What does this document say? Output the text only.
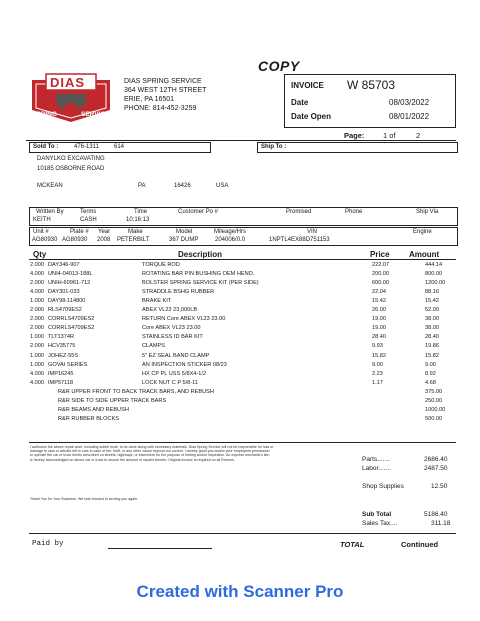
DIAS
SPRING	SERVICE
DIAS SPRING SERVICE
364 WEST 12TH STREET
ERIE, PA 16501
PHONE: 814-452-3259
COPY
INVOICE W 85703
Date	08/03/2022
Date Open	08/01/2022
Page: 1 of	2
Sold To :	476-1311	614	Ship To :
DANYLKO EXCAVATING
10185 OSBORNE ROAD
MCKEAN	PA	16426	USA
Written By	Terms	Time	Customer Po #	Promised	Phone	Ship Via
KEITH	CASH	10:16:13
Unit #	Plate # Year	Make	Model	Mileage/Hrs	VIN	Engine
AG80930 AG80930 2008 PETERBILT	367 DUMP	204006/0.0	1NPTL4EX88D751153
Qty	Description	Price Amount
2.000 DAY346-907	TORQUE ROD	222.07	444.14
4.000 UNI4-04013-188L	ROTATING BAR PIN BUSHING OEM HEND.	200.00	800.00
2.000 UNIH-60961-712	BOLSTER SPRING SERVICE KIT (PER SIDE)	600.00	1200.00
4.000 DAY301-033	STRADDLE BSHG RUBBER	22.04	88.16
1.000 DAY98-114800	BRAKE KIT	15.42	15.42
2.000 RLS4709ES2	ABEX VL23 23,000LB	26.00	52.00
2.000 CORRLS4709ES2	RETURN Core ABEX VL23 23.00	19.00	38.00
2.000 CORRLS4709ES2	Core ABEX VL23 23.00	19.00	38.00
1.000 TLT1374R	STAINLESS ID BAR KIT	28.40	28.40
2.000 HCV35775	CLAMPS	9.93	19.86
1.000 JOHEZ-55S	5" EZ SEAL BAND CLAMP	15.82	15.82
1.000 GOVAI SERIES	AN INSPECTION STICKER 08/23	9.00	9.00
4.000 IMP16245	HX CP PL USS 5/8X4-1/2	2.23	8.92
4.000 IMP57118	LOCK NUT C P 5/8-11	1.17	4.68
R&R UPPER FRONT TO BACK TRACK BARS, AND REBUSH	375.00
R&R SIDE TO SIDE UPPER TRACK BARS	250.00
R&R BEAMS AND REBUSH	1000.00
R&R RUBBER BLOCKS	500.00
I authorize the above repair work, including sublet work, to be done along with necessary materials. Dias Spring Service will not be responsible for loss or
damage to cars or articles left in cars in case of fire, theft, or any other cause beyond our control. I hereby grant you and/or your employees permission
to operate the car or truck herein described on streets, highways, or elsewhere for the purpose of testing and/or inspection. An express mechanic's lien
is hereby acknowledged on above car or truck to secure the amount of repairs thereto. Original invoice is required on all Returns.	Parts.......	2686.40
Labor.......	2487.50
Shop Supplies	12.50
Thank You for Your Business. We look forward to serving you again.
Sub Total	5186.40
Sales Tax....	311.18
Paid by	TOTAL	Continued
Created with Scanner Pro
